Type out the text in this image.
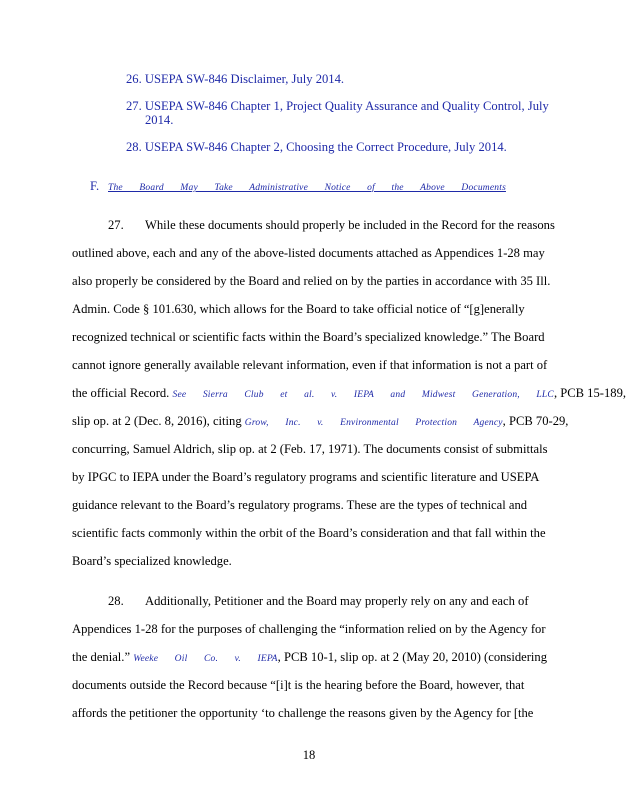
26. USEPA SW-846 Disclaimer, July 2014.
27. USEPA SW-846 Chapter 1, Project Quality Assurance and Quality Control, July
2014.
28. USEPA SW-846 Chapter 2, Choosing the Correct Procedure, July 2014.
F. The Board May Take Administrative Notice of the Above Documents
27. While these documents should properly be included in the Record for the reasons
outlined above, each and any of the above-listed documents attached as Appendices 1-28 may
also properly be considered by the Board and relied on by the parties in accordance with 35 Ill.
Admin. Code § 101.630, which allows for the Board to take official notice of “[g]enerally
recognized technical or scientific facts within the Board’s specialized knowledge.” The Board
cannot ignore generally available relevant information, even if that information is not a part of
the official Record. See Sierra Club et al. v. IEPA and Midwest Generation, LLC, PCB 15-189,
slip op. at 2 (Dec. 8, 2016), citing Grow, Inc. v. Environmental Protection Agency, PCB 70-29,
concurring, Samuel Aldrich, slip op. at 2 (Feb. 17, 1971). The documents consist of submittals
by IPGC to IEPA under the Board’s regulatory programs and scientific literature and USEPA
guidance relevant to the Board’s regulatory programs. These are the types of technical and
scientific facts commonly within the orbit of the Board’s consideration and that fall within the
Board’s specialized knowledge.
28. Additionally, Petitioner and the Board may properly rely on any and each of
Appendices 1-28 for the purposes of challenging the “information relied on by the Agency for
the denial.” Weeke Oil Co. v. IEPA, PCB 10-1, slip op. at 2 (May 20, 2010) (considering
documents outside the Record because “[i]t is the hearing before the Board, however, that
affords the petitioner the opportunity ‘to challenge the reasons given by the Agency for [the
18
